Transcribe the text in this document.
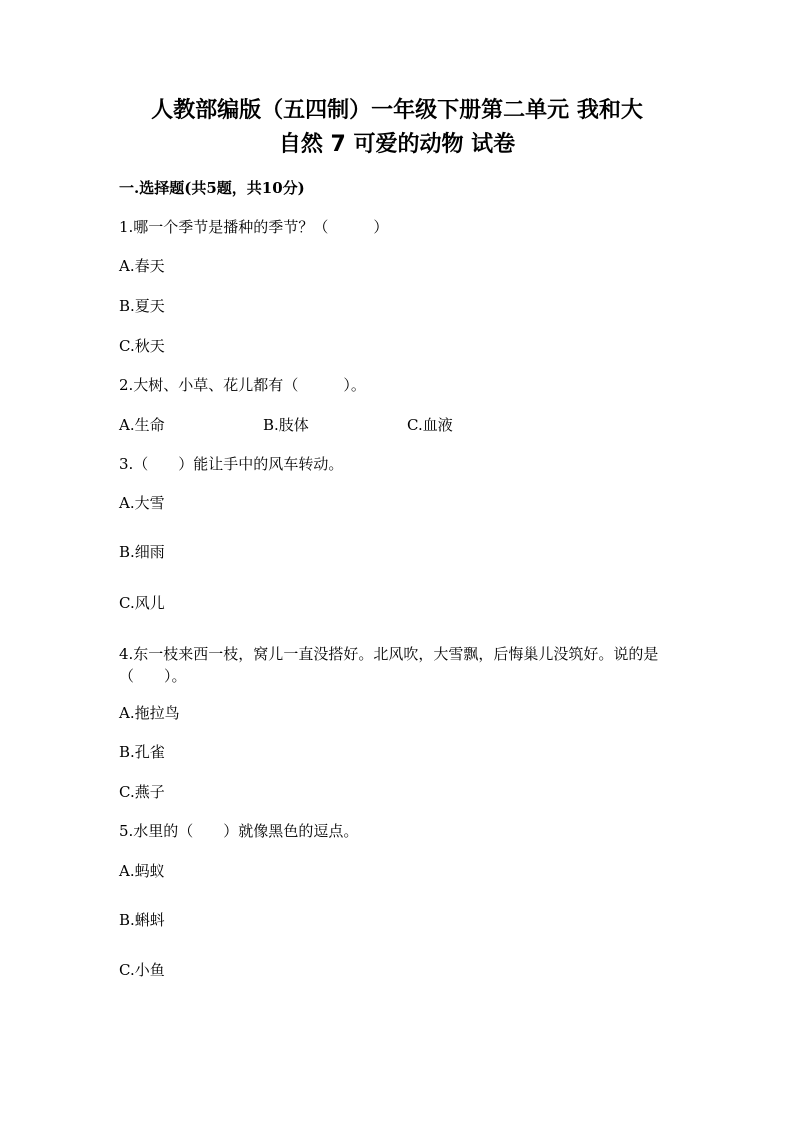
人教部编版（五四制）一年级下册第二单元 我和大
自然 7 可爱的动物 试卷
一.选择题(共5题，共10分)
1.哪一个季节是播种的季节？（　　　）
A.春天
B.夏天
C.秋天
2.大树、小草、花儿都有（　　　）。
A.生命	B.肢体	C.血液
3.（　　）能让手中的风车转动。
A.大雪
B.细雨
C.风儿
4.东一枝来西一枝，窝儿一直没搭好。北风吹，大雪飘，后悔巢儿没筑好。说的是（　　）。
A.拖拉鸟
B.孔雀
C.燕子
5.水里的（　　）就像黑色的逗点。
A.蚂蚁
B.蝌蚪
C.小鱼
